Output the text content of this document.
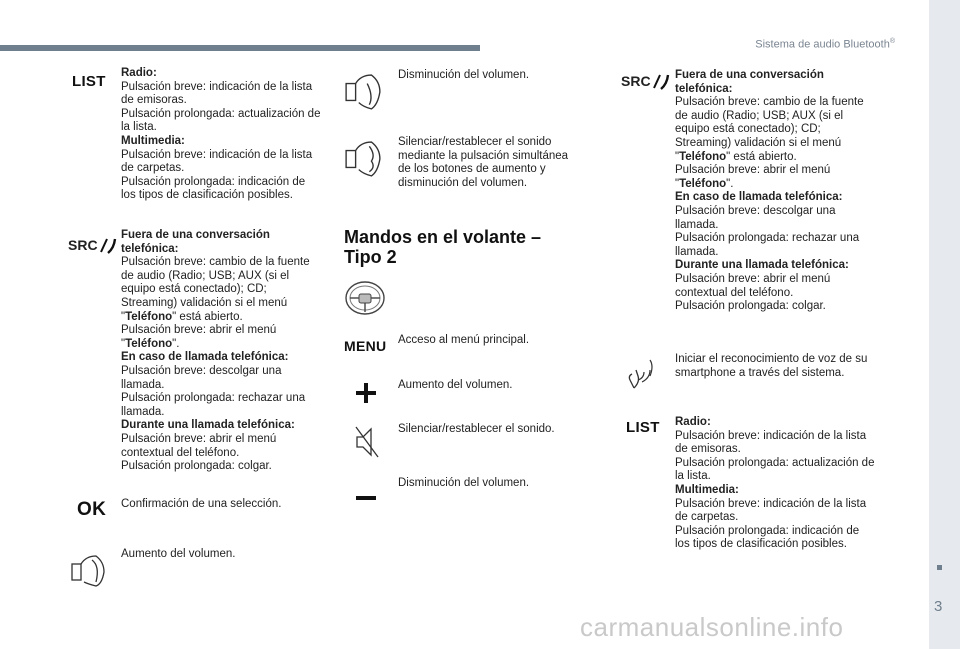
Sistema de audio Bluetooth®
LIST Radio:

Pulsación breve: indicación de la lista de emisoras.

Pulsación prolongada: actualización de la lista.

Multimedia:

Pulsación breve: indicación de la lista de carpetas.

Pulsación prolongada: indicación de los tipos de clasificación posibles.

SRC

Fuera de una conversación telefónica:

Pulsación breve: cambio de la fuente de audio (Radio; USB; AUX (si el equipo está conectado); CD; Streaming) validación si el menú "Teléfono" está abierto.

Pulsación breve: abrir el menú "Teléfono".

En caso de llamada telefónica:

Pulsación breve: descolgar una llamada.

Pulsación prolongada: rechazar una llamada.

Durante una llamada telefónica:

Pulsación breve: abrir el menú contextual del teléfono.

Pulsación prolongada: colgar.

OK Confirmación de una selección.

Aumento del volumen.

Disminución del volumen.

Silenciar/restablecer el sonido mediante la pulsación simultánea de los botones de aumento y disminución del volumen.

Mandos en el volante –
Tipo 2
MENU Acceso al menú principal.

Aumento del volumen.

Silenciar/restablecer el sonido.

Disminución del volumen.

SRC Fuera de una conversación telefónica:

Pulsación breve: cambio de la fuente de audio (Radio; USB; AUX (si el equipo está conectado); CD; Streaming) validación si el menú "Teléfono" está abierto.

Pulsación breve: abrir el menú "Teléfono".

En caso de llamada telefónica:

Pulsación breve: descolgar una llamada.

Pulsación prolongada: rechazar una llamada.

Durante una llamada telefónica:

Pulsación breve: abrir el menú contextual del teléfono.

Pulsación prolongada: colgar.

Iniciar el reconocimiento de voz de su smartphone a través del sistema.

LIST Radio:

Pulsación breve: indicación de la lista de emisoras.

Pulsación prolongada: actualización de la lista.

Multimedia:

Pulsación breve: indicación de la lista de carpetas.

Pulsación prolongada: indicación de los tipos de clasificación posibles.

3
carmanualsonline.info
